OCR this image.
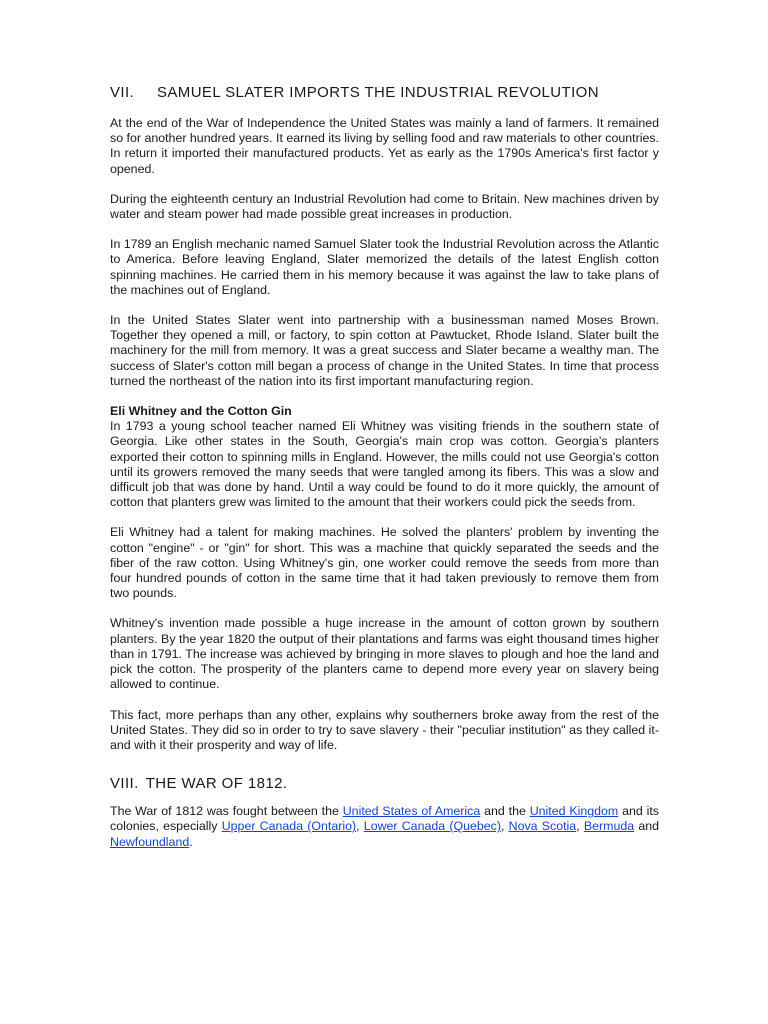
VII. SAMUEL SLATER IMPORTS THE INDUSTRIAL REVOLUTION

At the end of the War of Independence the United States was mainly a land of farmers. It remained so for another hundred years. It earned its living by selling food and raw materials to other countries. In return it imported their manufactured products. Yet as early as the 1790s America's first factor y opened.

During the eighteenth century an Industrial Revolution had come to Britain. New machines driven by water and steam power had made possible great increases in production.

In 1789 an English mechanic named Samuel Slater took the Industrial Revolution across the Atlantic to America. Before leaving England, Slater memorized the details of the latest English cotton spinning machines. He carried them in his memory because it was against the law to take plans of the machines out of England.

In the United States Slater went into partnership with a businessman named Moses Brown. Together they opened a mill, or factory, to spin cotton at Pawtucket, Rhode Island. Slater built the machinery for the mill from memory. It was a great success and Slater became a wealthy man. The success of Slater's cotton mill began a process of change in the United States. In time that process turned the northeast of the nation into its first important manufacturing region.

Eli Whitney and the Cotton Gin

In 1793 a young school teacher named Eli Whitney was visiting friends in the southern state of Georgia. Like other states in the South, Georgia's main crop was cotton. Georgia's planters exported their cotton to spinning mills in England. However, the mills could not use Georgia's cotton until its growers removed the many seeds that were tangled among its fibers. This was a slow and difficult job that was done by hand. Until a way could be found to do it more quickly, the amount of cotton that planters grew was limited to the amount that their workers could pick the seeds from.

Eli Whitney had a talent for making machines. He solved the planters' problem by inventing the cotton "engine" - or "gin" for short. This was a machine that quickly separated the seeds and the fiber of the raw cotton. Using Whitney's gin, one worker could remove the seeds from more than four hundred pounds of cotton in the same time that it had taken previously to remove them from two pounds.

Whitney's invention made possible a huge increase in the amount of cotton grown by southern planters. By the year 1820 the output of their plantations and farms was eight thousand times higher than in 1791. The increase was achieved by bringing in more slaves to plough and hoe the land and pick the cotton. The prosperity of the planters came to depend more every year on slavery being allowed to continue.

This fact, more perhaps than any other, explains why southerners broke away from the rest of the United States. They did so in order to try to save slavery - their "peculiar institution" as they called it-and with it their prosperity and way of life.

VIII. THE WAR OF 1812.

The War of 1812 was fought between the United States of America and the United Kingdom and its colonies, especially Upper Canada (Ontario), Lower Canada (Quebec), Nova Scotia, Bermuda and Newfoundland.
